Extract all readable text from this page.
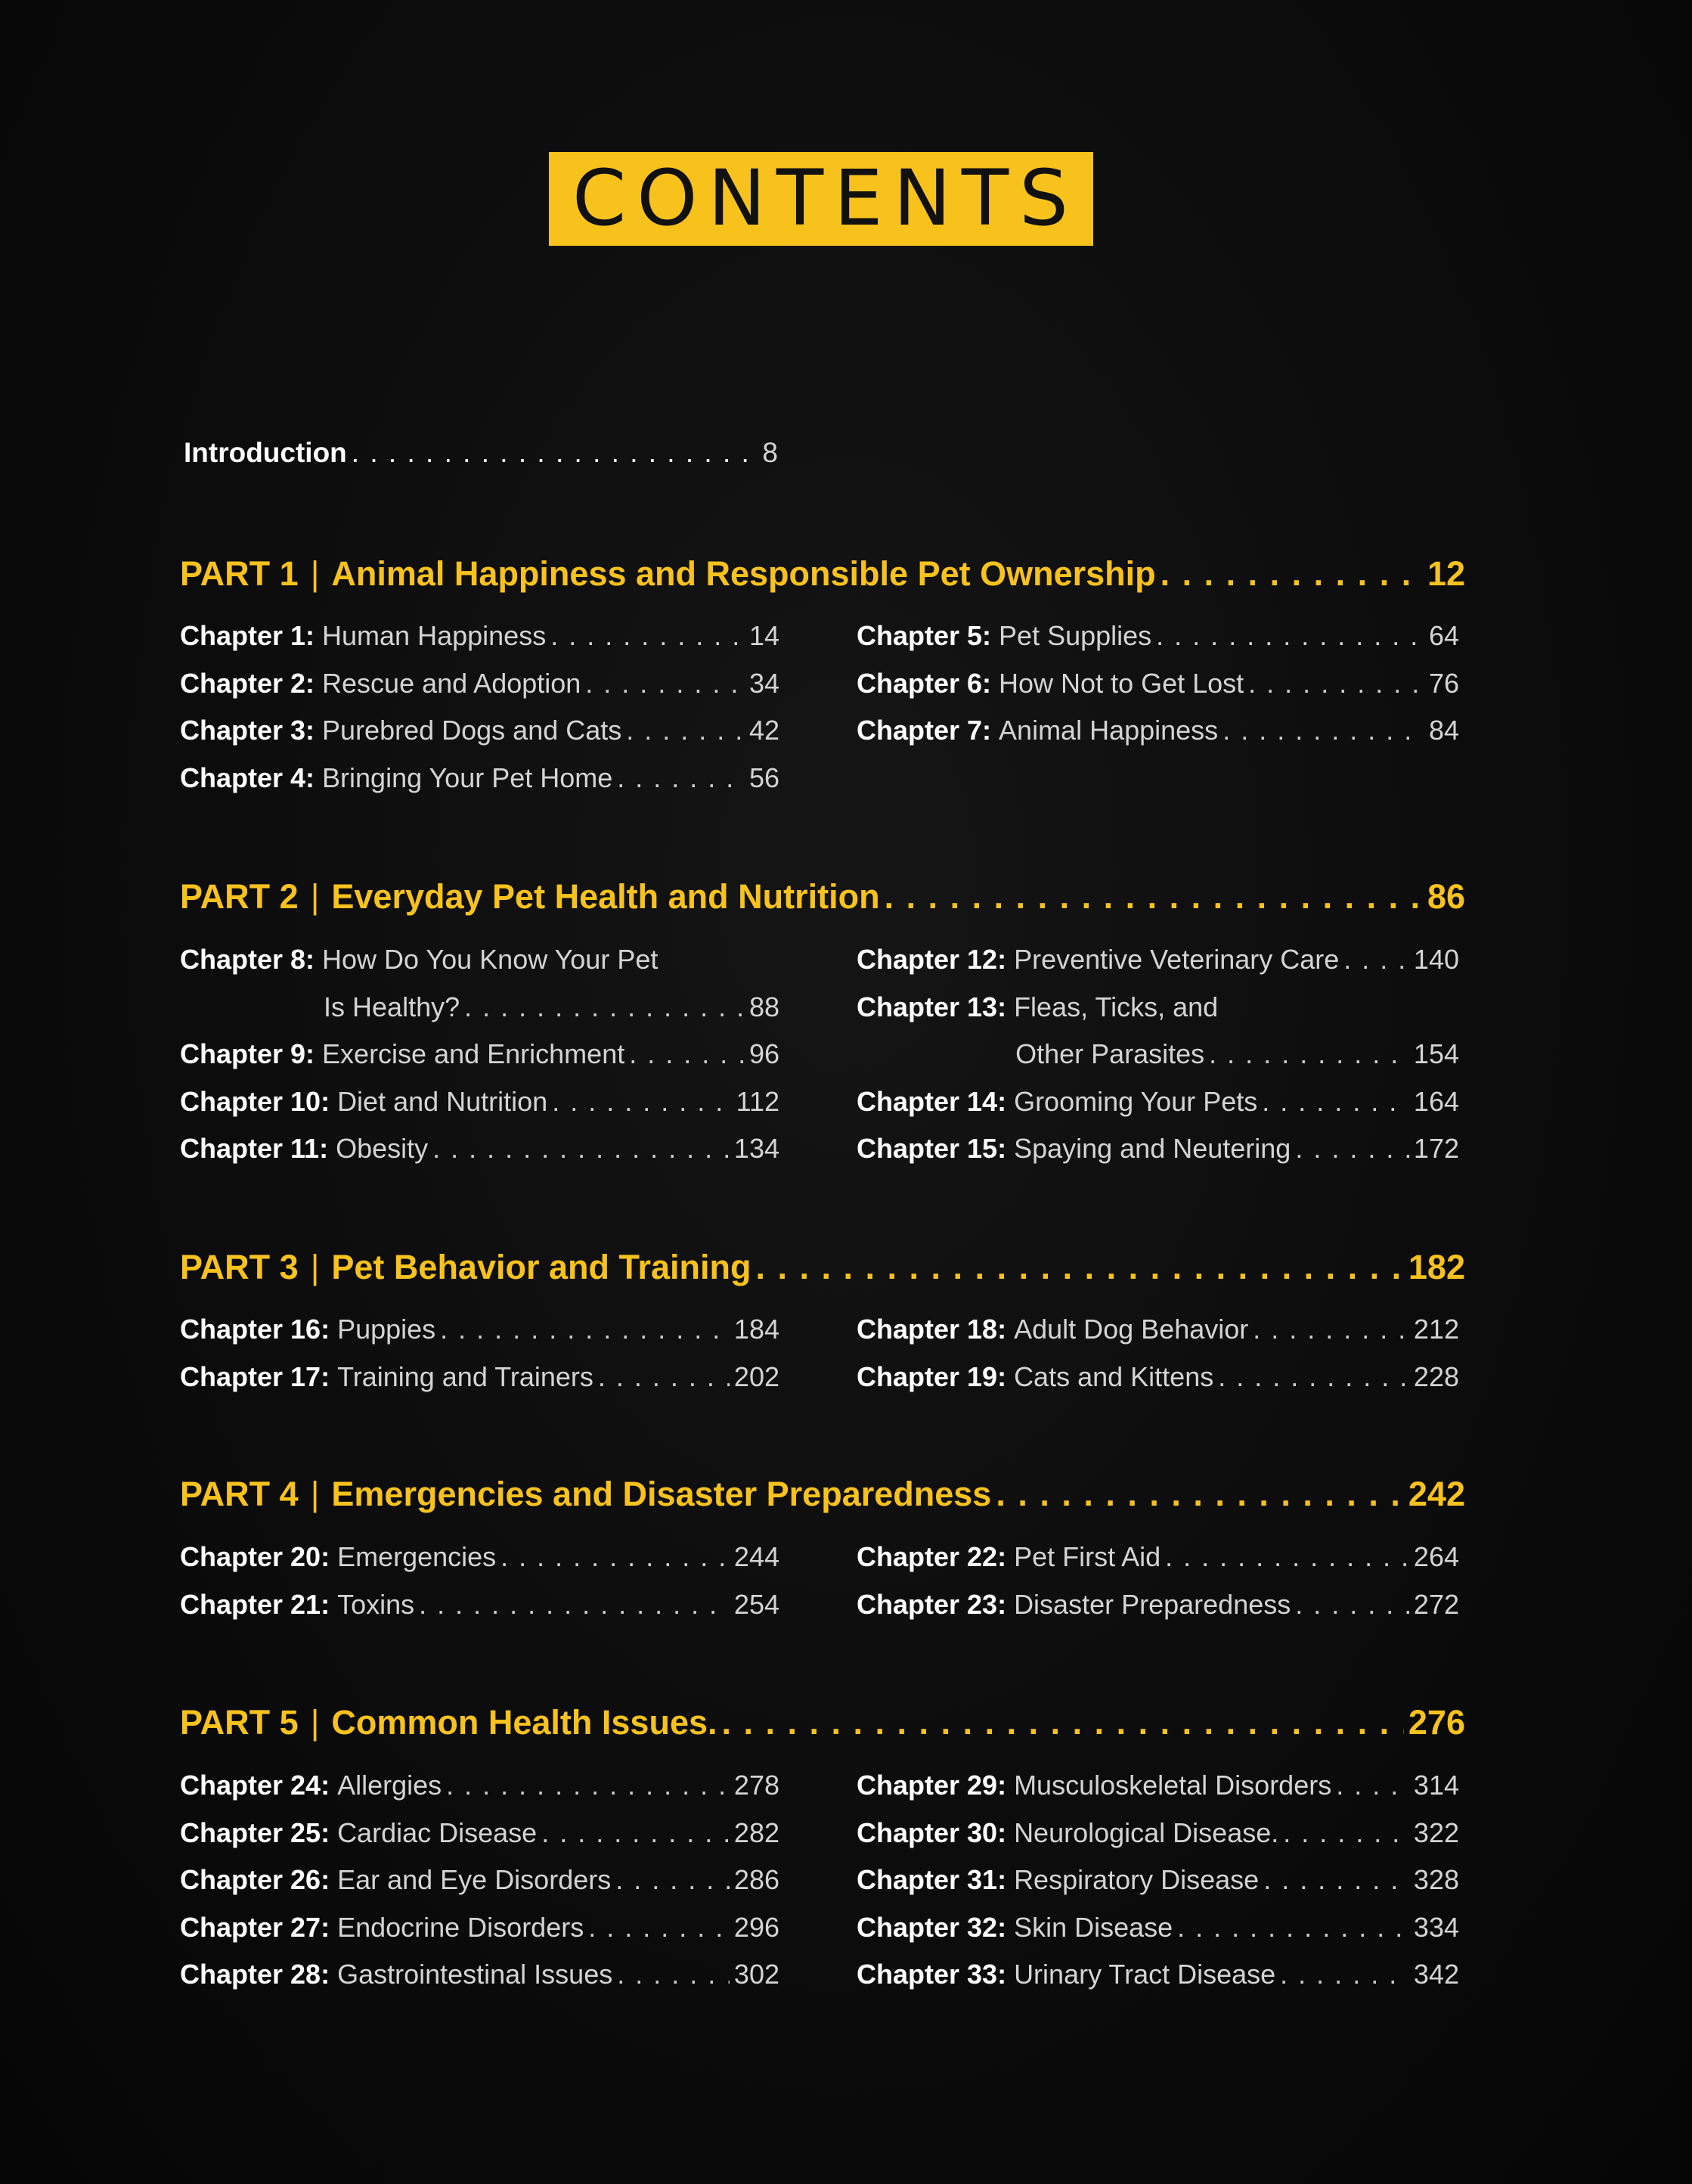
CONTENTS
Introduction . . .	8
PART 1 | Animal Happiness and Responsible Pet Ownership . . .	12
Chapter 1: Human Happiness . . .	14
Chapter 2: Rescue and Adoption . . .	34
Chapter 3: Purebred Dogs and Cats . . .	42
Chapter 4: Bringing Your Pet Home . . .	56
Chapter 5: Pet Supplies . . .	64
Chapter 6: How Not to Get Lost . . .	76
Chapter 7: Animal Happiness . . .	84
PART 2 | Everyday Pet Health and Nutrition . . .	86
Chapter 8: How Do You Know Your Pet
Is Healthy? . . .	88
Chapter 9: Exercise and Enrichment . . .	96
Chapter 10: Diet and Nutrition . . .	112
Chapter 11: Obesity . . .	134
Chapter 12: Preventive Veterinary Care . . .	140
Chapter 13: Fleas, Ticks, and
Other Parasites . . .	154
Chapter 14: Grooming Your Pets . . .	164
Chapter 15: Spaying and Neutering . . .	172
PART 3 | Pet Behavior and Training . . .	182
Chapter 16: Puppies . . .	184
Chapter 17: Training and Trainers . . .	202
Chapter 18: Adult Dog Behavior . . .	212
Chapter 19: Cats and Kittens . . .	228
PART 4 | Emergencies and Disaster Preparedness . . .	242
Chapter 20: Emergencies . . .	244
Chapter 21: Toxins . . .	254
Chapter 22: Pet First Aid . . .	264
Chapter 23: Disaster Preparedness . . .	272
PART 5 | Common Health Issues. . . .	276
Chapter 24: Allergies . . .	278
Chapter 25: Cardiac Disease . . .	282
Chapter 26: Ear and Eye Disorders . . .	286
Chapter 27: Endocrine Disorders . . .	296
Chapter 28: Gastrointestinal Issues . . .	302
Chapter 29: Musculoskeletal Disorders . . .	314
Chapter 30: Neurological Disease. . . .	322
Chapter 31: Respiratory Disease . . .	328
Chapter 32: Skin Disease . . .	334
Chapter 33: Urinary Tract Disease . . .	342
